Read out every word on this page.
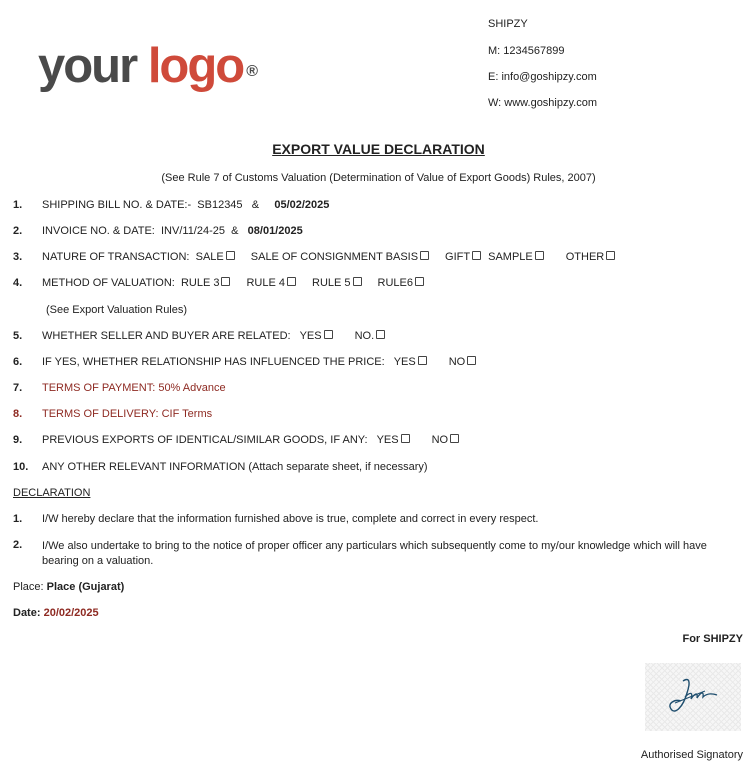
your logo ®
SHIPZY
M: 1234567899
E: info@goshipzy.com
W: www.goshipzy.com
EXPORT VALUE DECLARATION
(See Rule 7 of Customs Valuation (Determination of Value of Export Goods) Rules, 2007)
1. SHIPPING BILL NO. & DATE:- SB12345 & 05/02/2025
2. INVOICE NO. & DATE: INV/11/24-25 & 08/01/2025
3. NATURE OF TRANSACTION: SALE SALE OF CONSIGNMENT BASIS GIFT SAMPLE	OTHER
4. METHOD OF VALUATION: RULE 3 RULE 4 RULE 5 RULE6
(See Export Valuation Rules)
5. WHETHER SELLER AND BUYER ARE RELATED: YES	NO.
6. IF YES, WHETHER RELATIONSHIP HAS INFLUENCED THE PRICE: YES	NO
7. TERMS OF PAYMENT: 50% Advance
8. TERMS OF DELIVERY: CIF Terms
9. PREVIOUS EXPORTS OF IDENTICAL/SIMILAR GOODS, IF ANY: YES	NO
10. ANY OTHER RELEVANT INFORMATION (Attach separate sheet, if necessary)
DECLARATION
1. I/W hereby declare that the information furnished above is true, complete and correct in every respect.
2. I/We also undertake to bring to the notice of proper officer any particulars which subsequently come to my/our knowledge which will have bearing on a valuation.
Place: Place (Gujarat)
Date: 20/02/2025
For SHIPZY
Authorised Signatory
